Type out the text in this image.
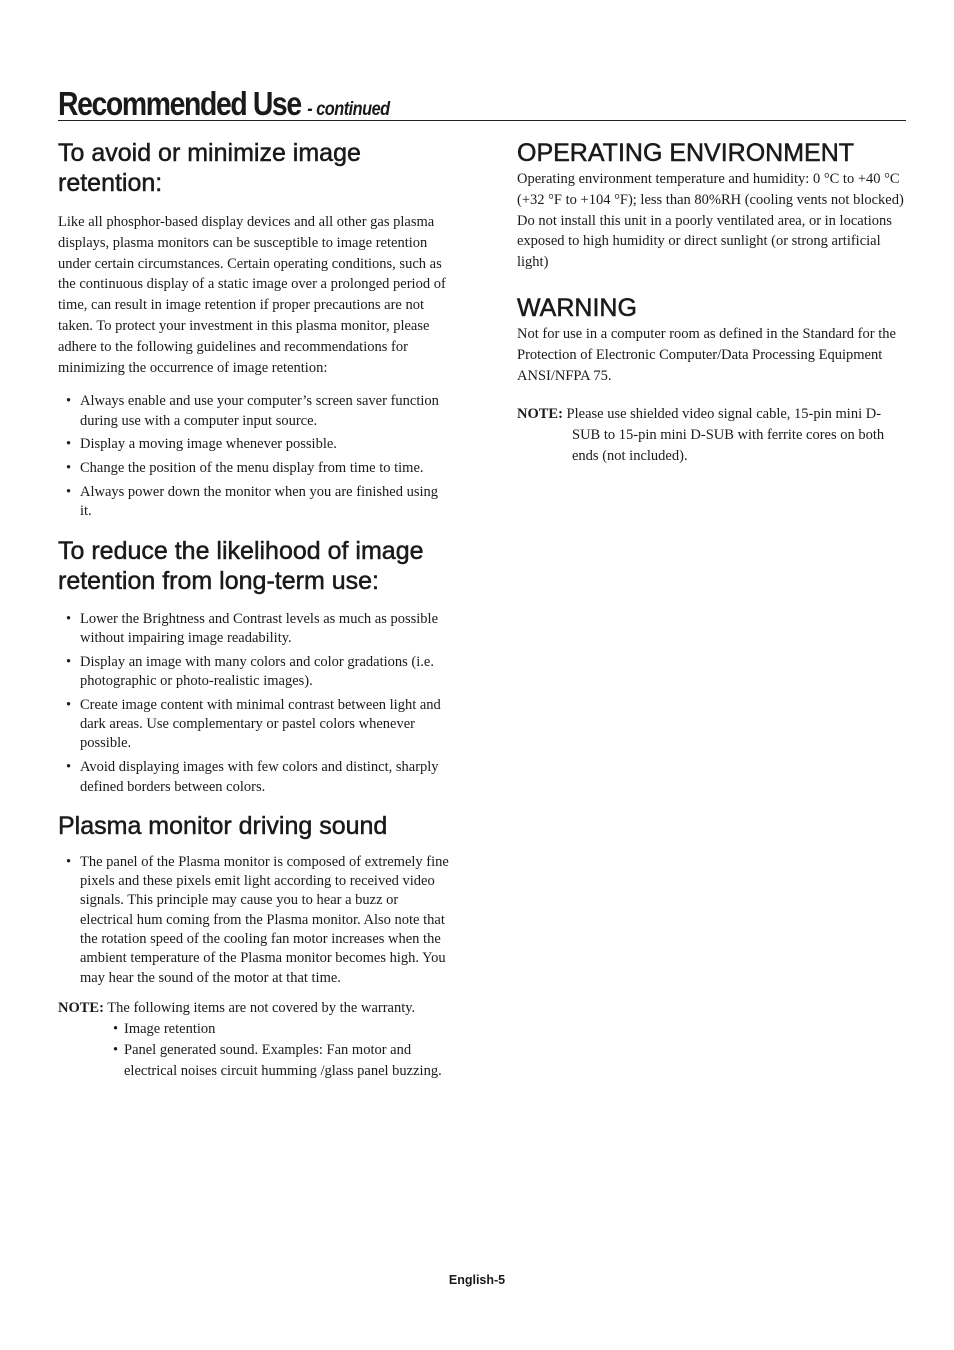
Recommended Use - continued
To avoid or minimize image retention:

Like all phosphor-based display devices and all other gas plasma displays, plasma monitors can be susceptible to image retention under certain circumstances. Certain operating conditions, such as the continuous display of a static image over a prolonged period of time, can result in image retention if proper precautions are not taken. To protect your investment in this plasma monitor, please adhere to the following guidelines and recommendations for minimizing the occurrence of image retention:

• Always enable and use your computer’s screen saver function during use with a computer input source.
• Display a moving image whenever possible.
• Change the position of the menu display from time to time.
• Always power down the monitor when you are finished using it.
To reduce the likelihood of image retention from long-term use:
• Lower the Brightness and Contrast levels as much as possible without impairing image readability.
• Display an image with many colors and color gradations (i.e. photographic or photo-realistic images).
• Create image content with minimal contrast between light and dark areas. Use complementary or pastel colors whenever possible.
• Avoid displaying images with few colors and distinct, sharply defined borders between colors.
Plasma monitor driving sound
• The panel of the Plasma monitor is composed of extremely fine pixels and these pixels emit light according to received video signals. This principle may cause you to hear a buzz or electrical hum coming from the Plasma monitor. Also note that the rotation speed of the cooling fan motor increases when the ambient temperature of the Plasma monitor becomes high. You may hear the sound of the motor at that time.
NOTE: The following items are not covered by the warranty.
• Image retention
• Panel generated sound. Examples: Fan motor and electrical noises circuit humming /glass panel buzzing.
OPERATING ENVIRONMENT

Operating environment temperature and humidity: 0 °C to +40 °C (+32 °F to +104 °F); less than 80%RH (cooling vents not blocked) Do not install this unit in a poorly ventilated area, or in locations exposed to high humidity or direct sunlight (or strong artificial light)

WARNING

Not for use in a computer room as defined in the Standard for the Protection of Electronic Computer/Data Processing Equipment ANSI/NFPA 75.

NOTE: Please use shielded video signal cable, 15-pin mini D-SUB to 15-pin mini D-SUB with ferrite cores on both ends (not included).
English-5
